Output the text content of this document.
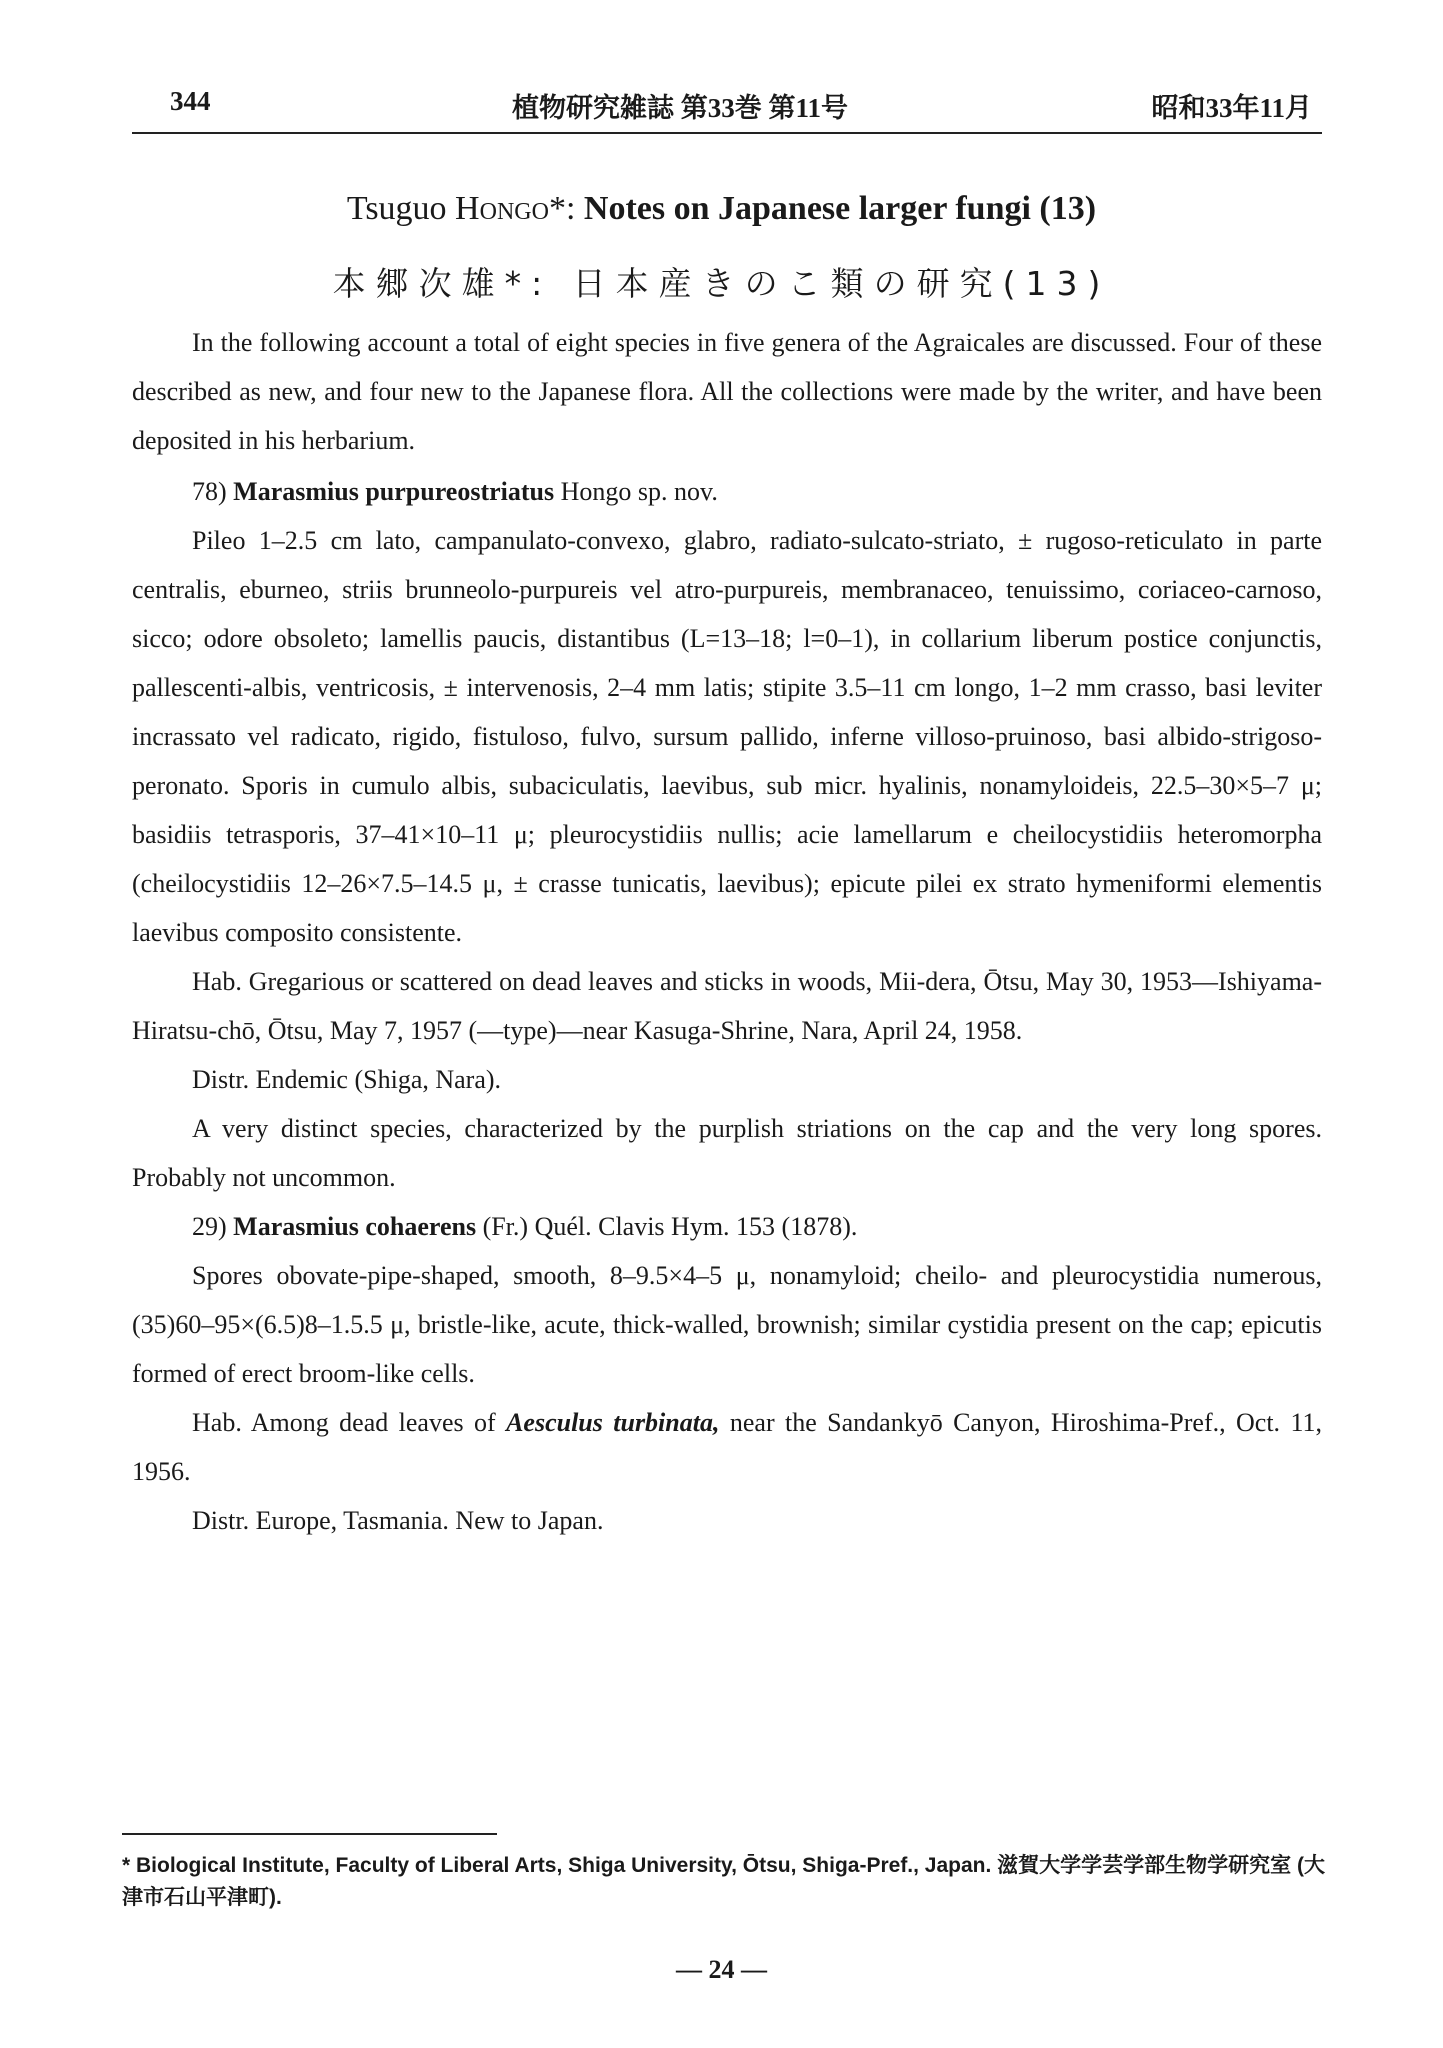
344	植物研究雑誌 第33巻 第11号	昭和33年11月
Tsuguo Hongo*: Notes on Japanese larger fungi (13)
本郷次雄*: 日本産きのこ類の研究(13)

In the following account a total of eight species in five genera of the Agraicales are discussed. Four of these described as new, and four new to the Japanese flora. All the collections were made by the writer, and have been deposited in his herbarium.

78) Marasmius purpureostriatus Hongo sp. nov.

Pileo 1–2.5 cm lato, campanulato-convexo, glabro, radiato-sulcato-striato, ± rugoso-reticulato in parte centralis, eburneo, striis brunneolo-purpureis vel atro-purpureis, membranaceo, tenuissimo, coriaceo-carnoso, sicco; odore obsoleto; lamellis paucis, distantibus (L=13–18; l=0–1), in collarium liberum postice conjunctis, pallescenti-albis, ventricosis, ± intervenosis, 2–4 mm latis; stipite 3.5–11 cm longo, 1–2 mm crasso, basi leviter incrassato vel radicato, rigido, fistuloso, fulvo, sursum pallido, inferne villoso-pruinoso, basi albido-strigoso-peronato. Sporis in cumulo albis, subaciculatis, laevibus, sub micr. hyalinis, nonamyloideis, 22.5–30×5–7 μ; basidiis tetrasporis, 37–41×10–11 μ; pleurocystidiis nullis; acie lamellarum e cheilocystidiis heteromorpha (cheilocystidiis 12–26×7.5–14.5 μ, ± crasse tunicatis, laevibus); epicute pilei ex strato hymeniformi elementis laevibus composito consistente.

Hab. Gregarious or scattered on dead leaves and sticks in woods, Mii-dera, Ōtsu, May 30, 1953—Ishiyama-Hiratsu-chō, Ōtsu, May 7, 1957 (—type)—near Kasuga-Shrine, Nara, April 24, 1958.

Distr. Endemic (Shiga, Nara).

A very distinct species, characterized by the purplish striations on the cap and the very long spores. Probably not uncommon.

29) Marasmius cohaerens (Fr.) Quél. Clavis Hym. 153 (1878).

Spores obovate-pipe-shaped, smooth, 8–9.5×4–5 μ, nonamyloid; cheilo- and pleurocystidia numerous, (35)60–95×(6.5)8–1.5.5 μ, bristle-like, acute, thick-walled, brownish; similar cystidia present on the cap; epicutis formed of erect broom-like cells.

Hab. Among dead leaves of Aesculus turbinata, near the Sandankyō Canyon, Hiroshima-Pref., Oct. 11, 1956.

Distr. Europe, Tasmania. New to Japan.

* Biological Institute, Faculty of Liberal Arts, Shiga University, Ōtsu, Shiga-Pref., Japan. 滋賀大学学芸学部生物学研究室 (大津市石山平津町).
— 24 —
